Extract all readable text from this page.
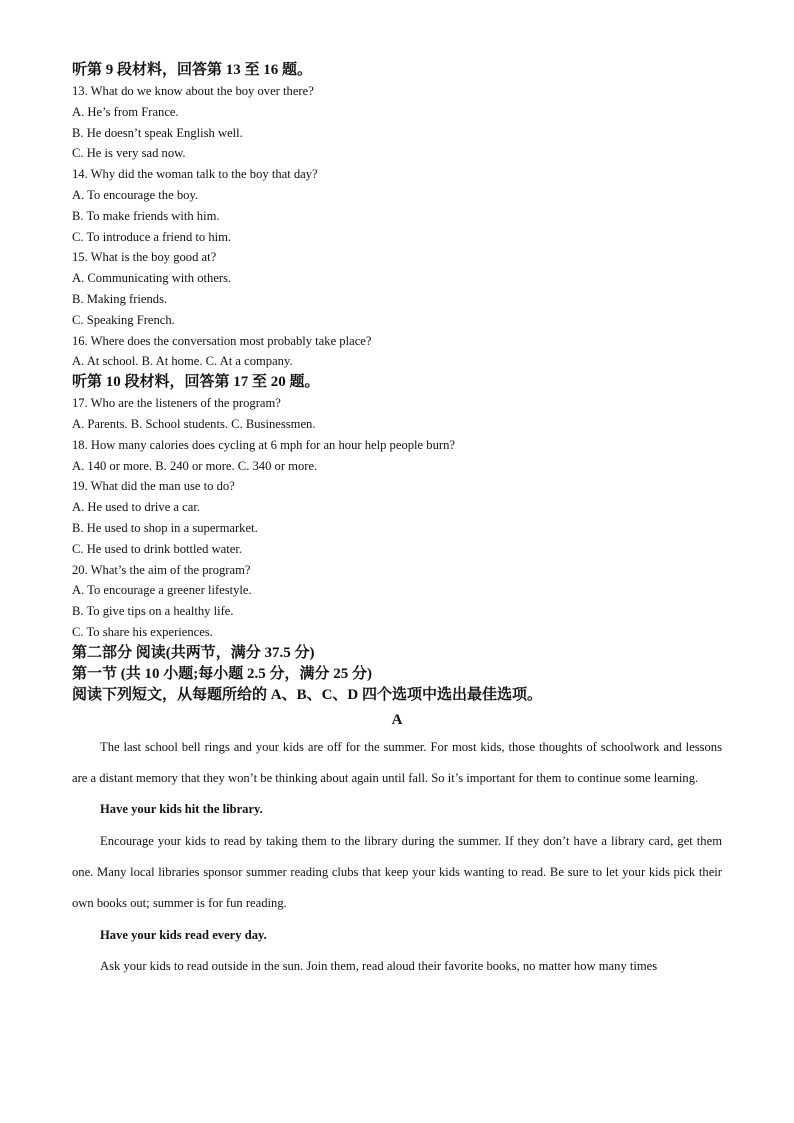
听第 9 段材料，回答第 13 至 16 题。
13. What do we know about the boy over there?
A. He’s from France.
B. He doesn’t speak English well.
C. He is very sad now.
14. Why did the woman talk to the boy that day?
A. To encourage the boy.
B. To make friends with him.
C. To introduce a friend to him.
15. What is the boy good at?
A. Communicating with others.
B. Making friends.
C. Speaking French.
16. Where does the conversation most probably take place?
A. At school. B. At home. C. At a company.
听第 10 段材料，回答第 17 至 20 题。
17. Who are the listeners of the program?
A. Parents. B. School students. C. Businessmen.
18. How many calories does cycling at 6 mph for an hour help people burn?
A. 140 or more. B. 240 or more. C. 340 or more.
19. What did the man use to do?
A. He used to drive a car.
B. He used to shop in a supermarket.
C. He used to drink bottled water.
20. What’s the aim of the program?
A. To encourage a greener lifestyle.
B. To give tips on a healthy life.
C. To share his experiences.
第二部分 阅读(共两节，满分 37.5 分)
第一节 (共 10 小题;每小题 2.5 分，满分 25 分)
阅读下列短文，从每题所给的 A、B、C、D 四个选项中选出最佳选项。
A

The last school bell rings and your kids are off for the summer. For most kids, those thoughts of schoolwork and lessons are a distant memory that they won’t be thinking about again until fall. So it’s important for them to continue some learning.

Have your kids hit the library.

Encourage your kids to read by taking them to the library during the summer. If they don’t have a library card, get them one. Many local libraries sponsor summer reading clubs that keep your kids wanting to read. Be sure to let your kids pick their own books out; summer is for fun reading.

Have your kids read every day.

Ask your kids to read outside in the sun. Join them, read aloud their favorite books, no matter how many times
